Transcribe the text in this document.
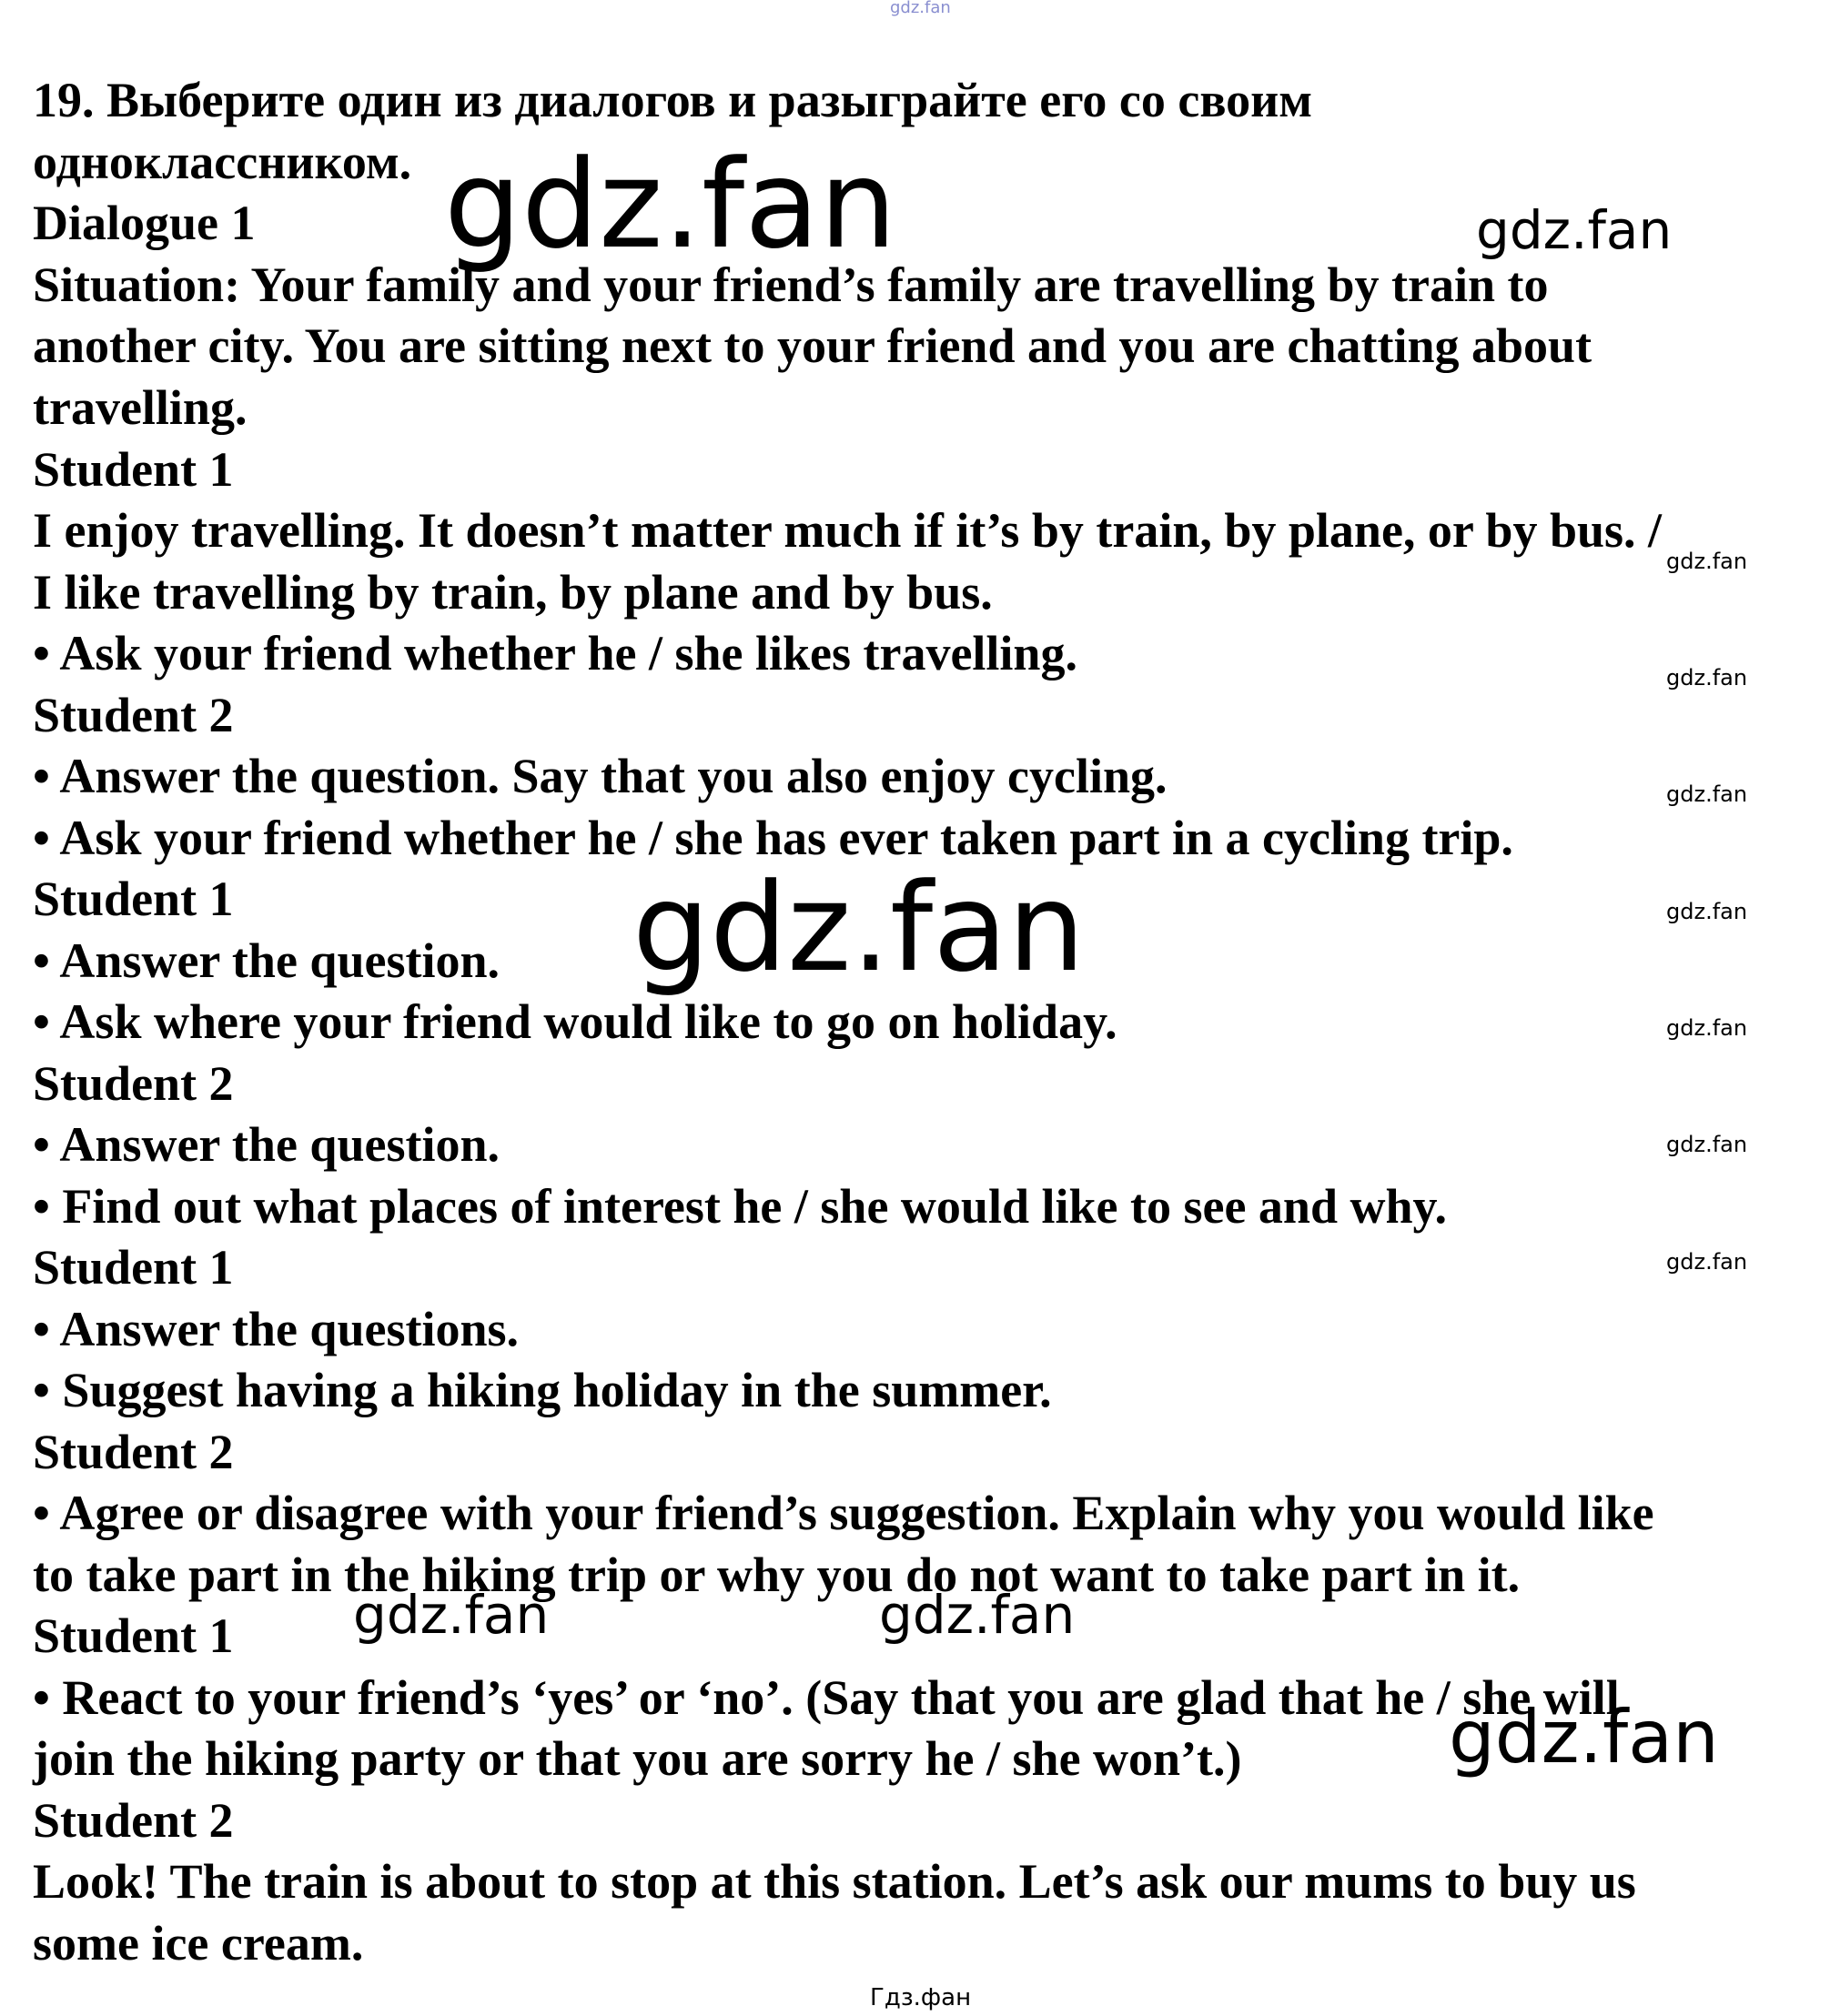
gdz.fan

19. Выберите один из диалогов и разыграйте его со своим

одноклассником.

Dialogue 1

Situation: Your family and your friend’s family are travelling by train to

another city. You are sitting next to your friend and you are chatting about

travelling.

Student 1

I enjoy travelling. It doesn’t matter much if it’s by train, by plane, or by bus. /

I like travelling by train, by plane and by bus.

• Ask your friend whether he / she likes travelling.

Student 2

• Answer the question. Say that you also enjoy cycling.

• Ask your friend whether he / she has ever taken part in a cycling trip.

Student 1

• Answer the question.

• Ask where your friend would like to go on holiday.

Student 2

• Answer the question.

• Find out what places of interest he / she would like to see and why.

Student 1

• Answer the questions.

• Suggest having a hiking holiday in the summer.

Student 2

• Agree or disagree with your friend’s suggestion. Explain why you would like

to take part in the hiking trip or why you do not want to take part in it.

Student 1

• React to your friend’s ‘yes’ or ‘no’. (Say that you are glad that he / she will

join the hiking party or that you are sorry he / she won’t.)

Student 2

Look! The train is about to stop at this station. Let’s ask our mums to buy us

some ice cream.

gdz.fan	gdz.fan
gdz.fan
gdz.fan	gdz.fan
gdz.fan
gdz.fan
gdz.fan
gdz.fan
gdz.fan
gdz.fan
gdz.fan
gdz.fan
Гдз.фан
